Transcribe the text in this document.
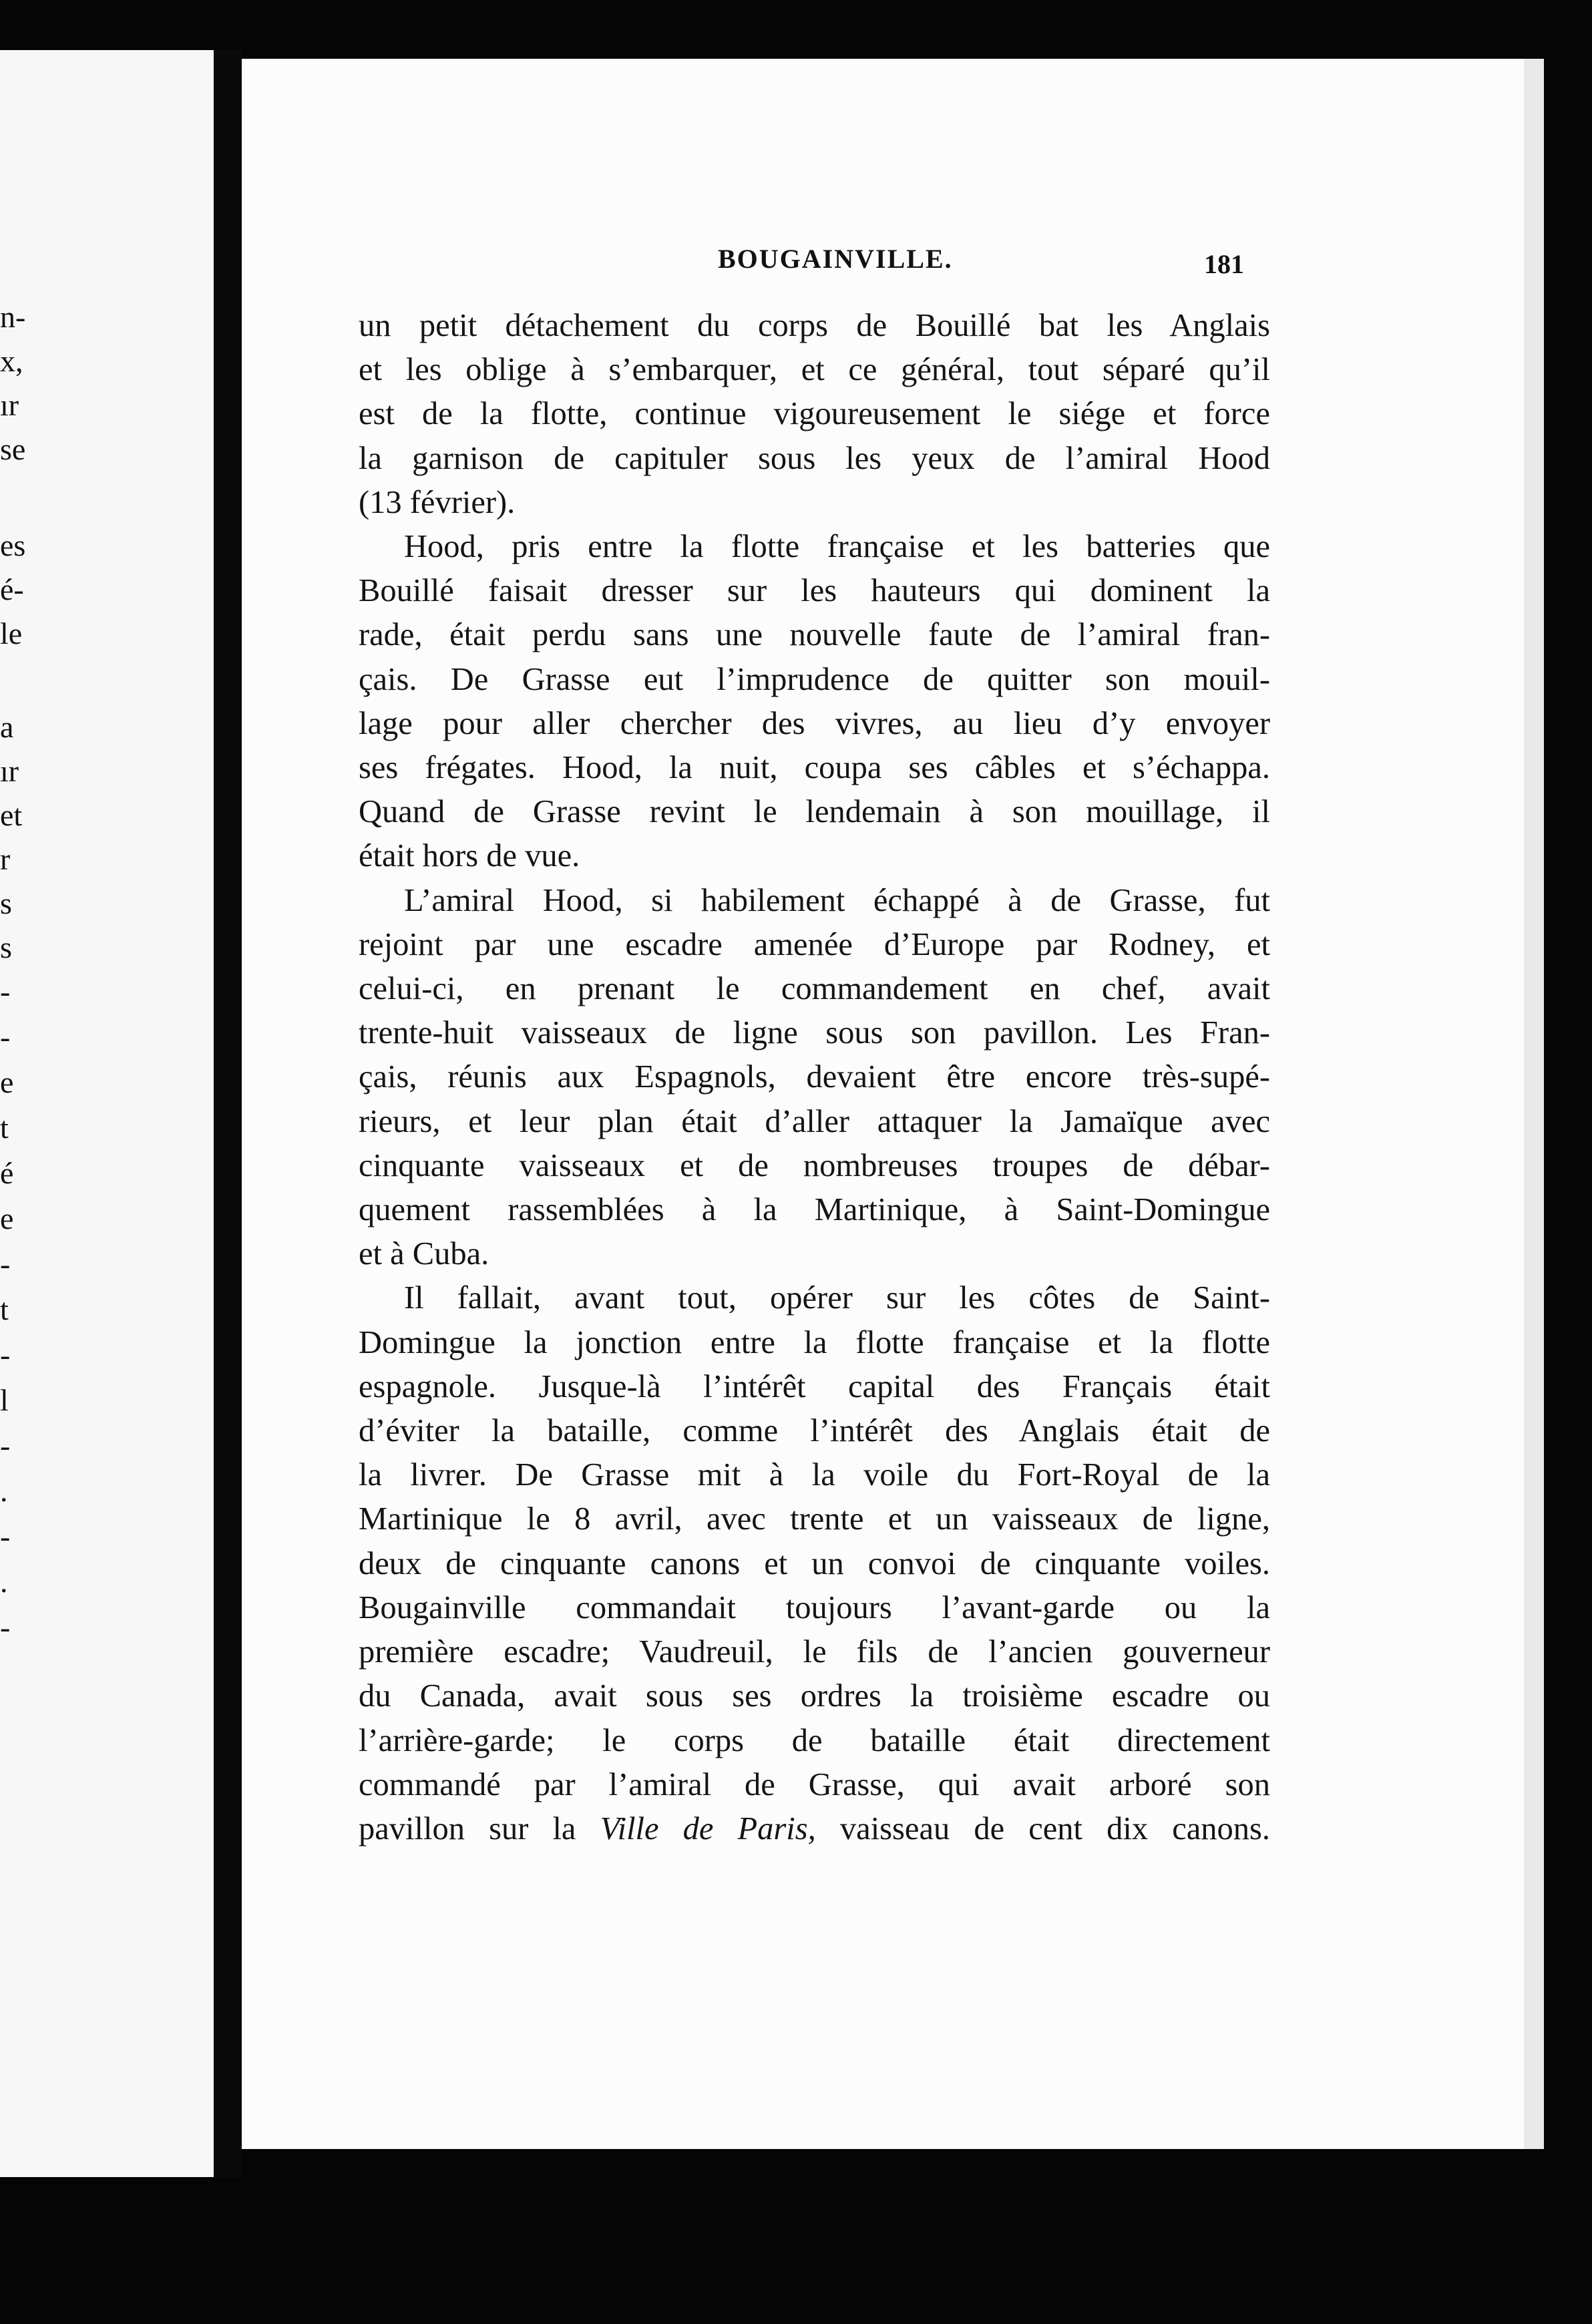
n-
x,
ır
se
es
é-
le
a
ır
et
r
s
s
-
-
e
t
é
e
-
t
-
l
-
.
-
.
-
BOUGAINVILLE.	181

un petit détachement du corps de Bouillé bat les Anglais
et les oblige à s’embarquer, et ce général, tout séparé qu’il
est de la flotte, continue vigoureusement le siége et force
la garnison de capituler sous les yeux de l’amiral Hood
(13 février).

Hood, pris entre la flotte française et les batteries que
Bouillé faisait dresser sur les hauteurs qui dominent la
rade, était perdu sans une nouvelle faute de l’amiral fran-
çais. De Grasse eut l’imprudence de quitter son mouil-
lage pour aller chercher des vivres, au lieu d’y envoyer
ses frégates. Hood, la nuit, coupa ses câbles et s’échappa.
Quand de Grasse revint le lendemain à son mouillage, il
était hors de vue.

L’amiral Hood, si habilement échappé à de Grasse, fut
rejoint par une escadre amenée d’Europe par Rodney, et
celui-ci, en prenant le commandement en chef, avait
trente-huit vaisseaux de ligne sous son pavillon. Les Fran-
çais, réunis aux Espagnols, devaient être encore très-supé-
rieurs, et leur plan était d’aller attaquer la Jamaïque avec
cinquante vaisseaux et de nombreuses troupes de débar-
quement rassemblées à la Martinique, à Saint-Domingue
et à Cuba.

Il fallait, avant tout, opérer sur les côtes de Saint-
Domingue la jonction entre la flotte française et la flotte
espagnole. Jusque-là l’intérêt capital des Français était
d’éviter la bataille, comme l’intérêt des Anglais était de
la livrer. De Grasse mit à la voile du Fort-Royal de la
Martinique le 8 avril, avec trente et un vaisseaux de ligne,
deux de cinquante canons et un convoi de cinquante voiles.
Bougainville commandait toujours l’avant-garde ou la
première escadre; Vaudreuil, le fils de l’ancien gouverneur
du Canada, avait sous ses ordres la troisième escadre ou
l’arrière-garde; le corps de bataille était directement
commandé par l’amiral de Grasse, qui avait arboré son
pavillon sur la Ville de Paris, vaisseau de cent dix canons.
